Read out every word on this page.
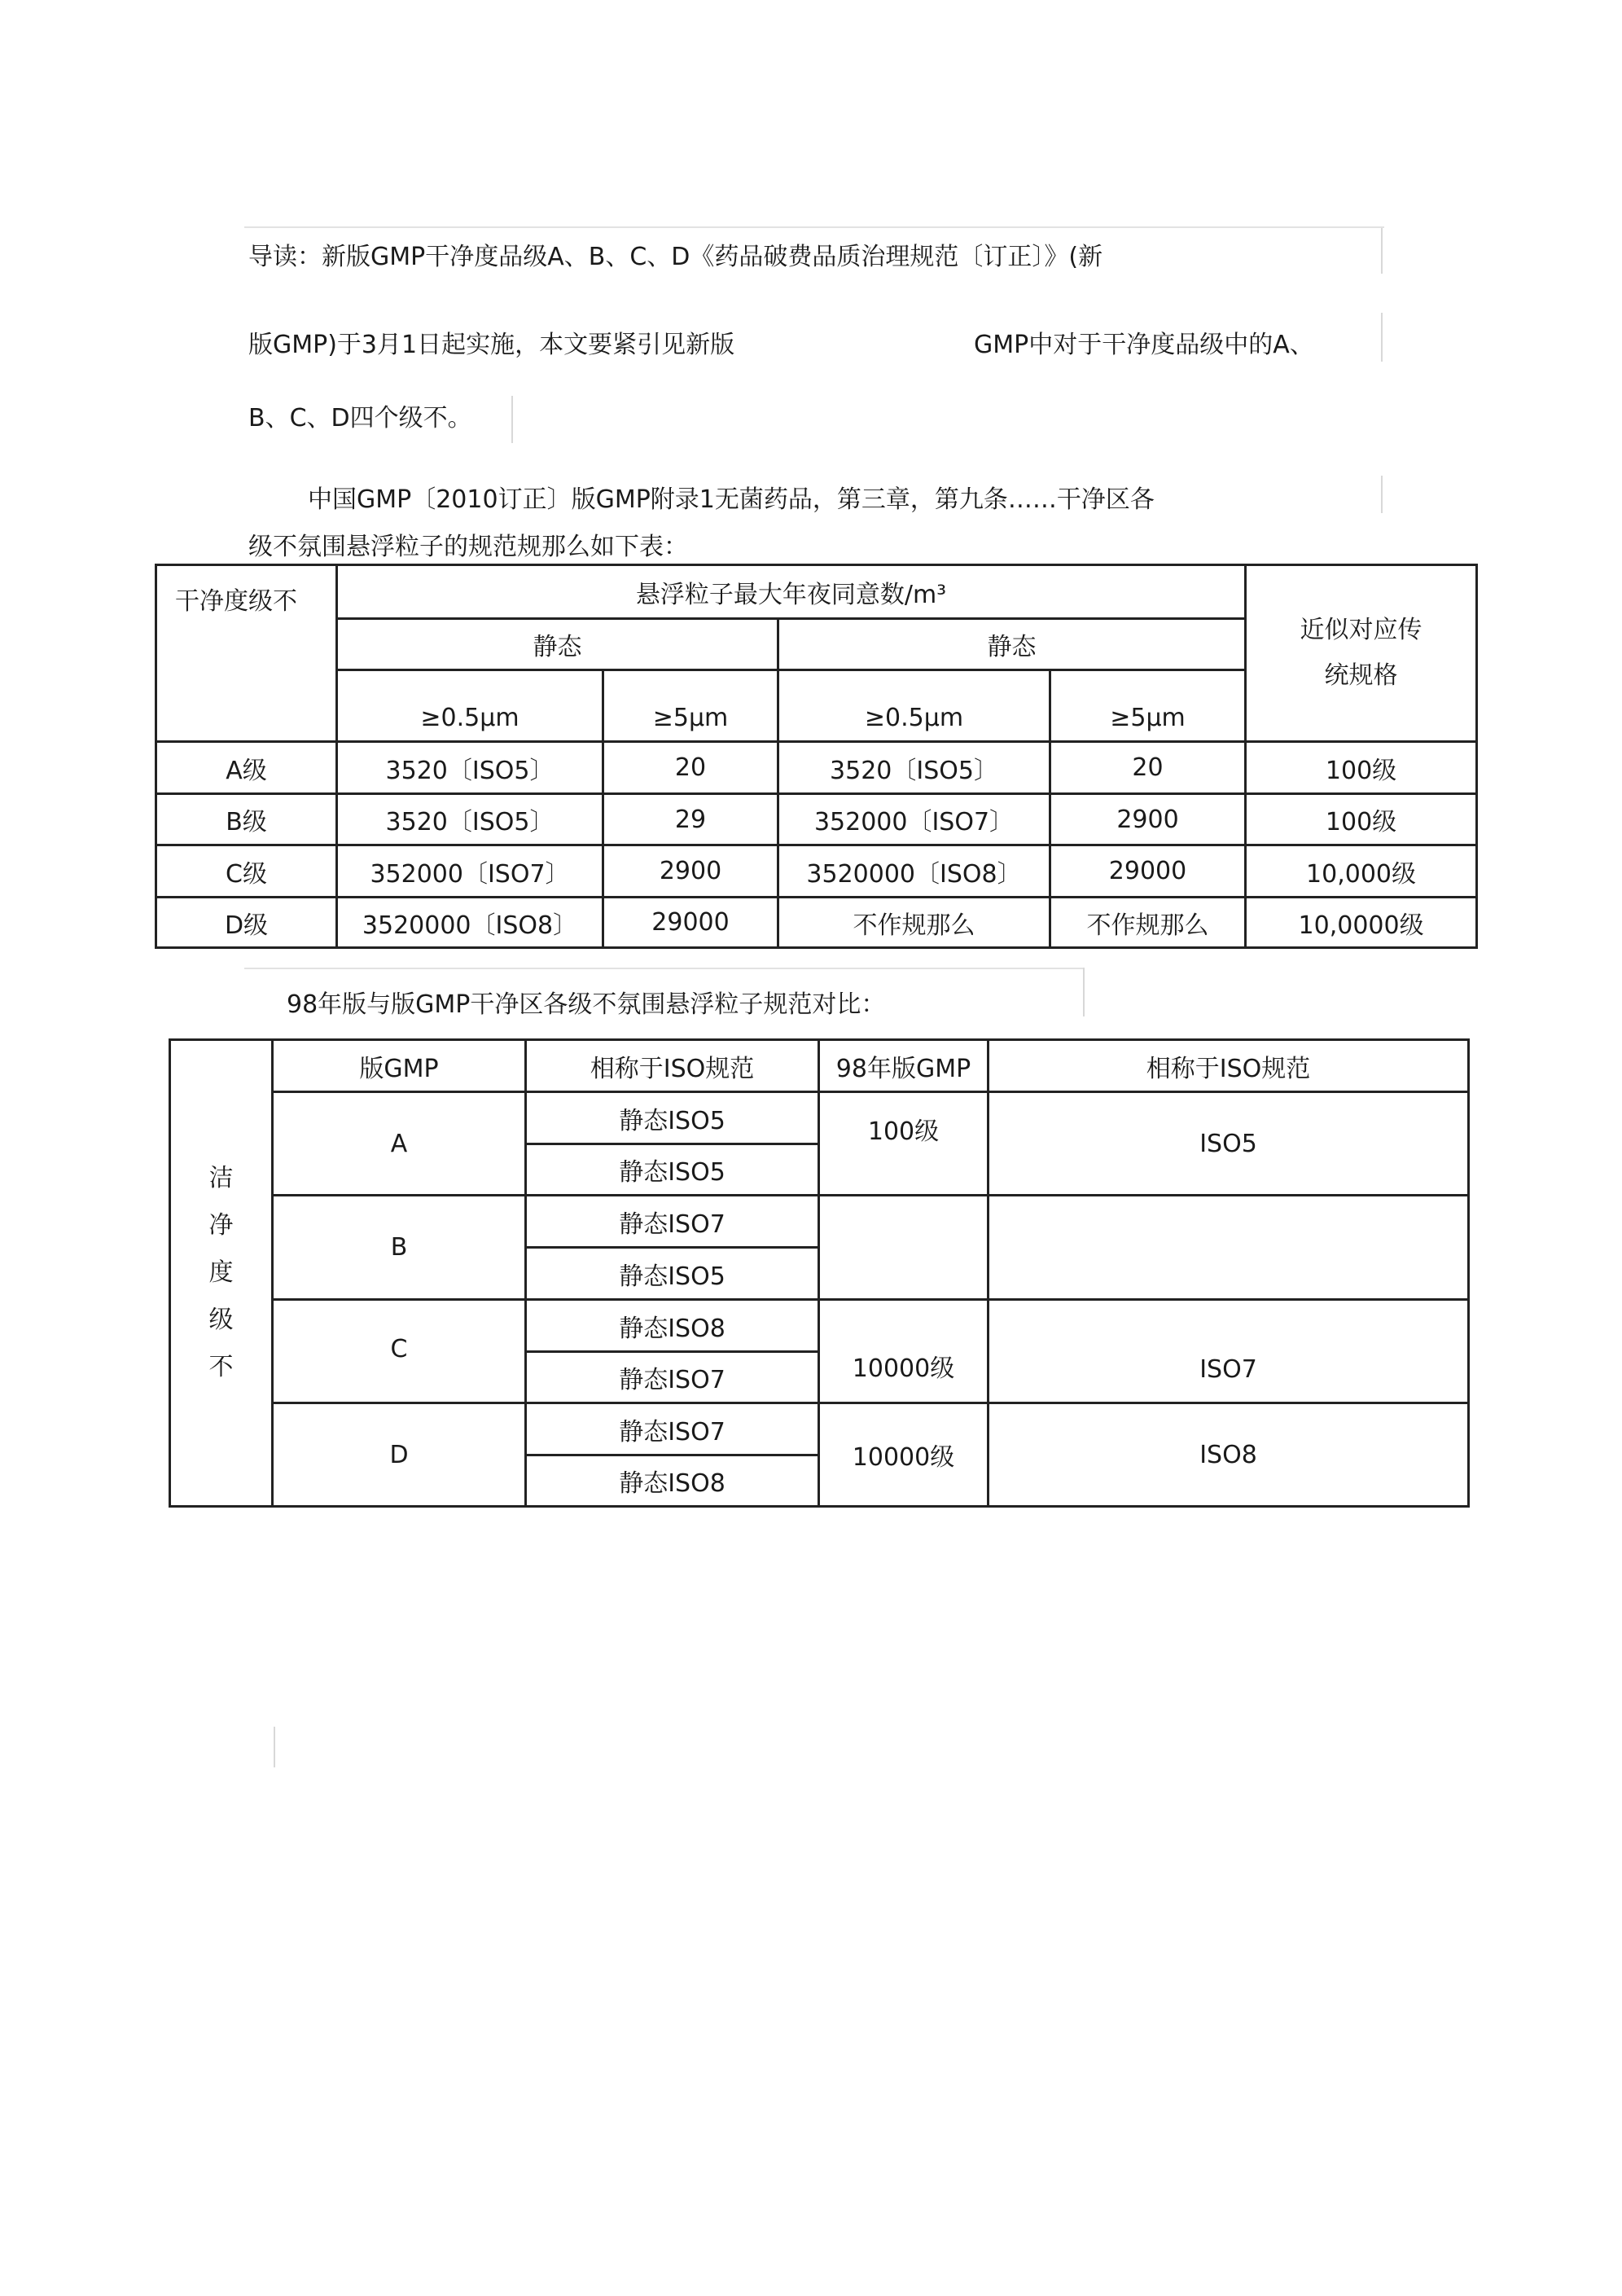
导读：新版GMP干净度品级A、B、C、D《药品破费品质治理规范〔订正〕》(新
版GMP)于3月1日起实施，本文要紧引见新版	GMP中对于干净度品级中的A、
B、C、D四个级不。
中国GMP〔2010订正〕版GMP附录1无菌药品，第三章，第九条……干净区各
级不氛围悬浮粒子的规范规那么如下表：
干净度级不	悬浮粒子最大年夜同意数/m³				近似对应传统规格

	静态		静态		
	≥0.5μm	≥5μm	≥0.5μm	≥5μm	
A级	3520〔ISO5〕	20	3520〔ISO5〕	20	100级
B级	3520〔ISO5〕	29	352000〔ISO7〕	2900	100级
C级	352000〔ISO7〕	2900	3520000〔ISO8〕	29000	10,000级
D级	3520000〔ISO8〕	29000	不作规那么	不作规那么	10,0000级
98年版与版GMP干净区各级不氛围悬浮粒子规范对比：
洁净度级不	版GMP	相称于ISO规范	98年版GMP	相称于ISO规范
	A	静态ISO5	100级	ISO5
		静态ISO5		
	B	静态ISO7		
		静态ISO5		
	C	静态ISO8	10000级	ISO7
		静态ISO7		
	D	静态ISO7	10000级	ISO8
		静态ISO8		
